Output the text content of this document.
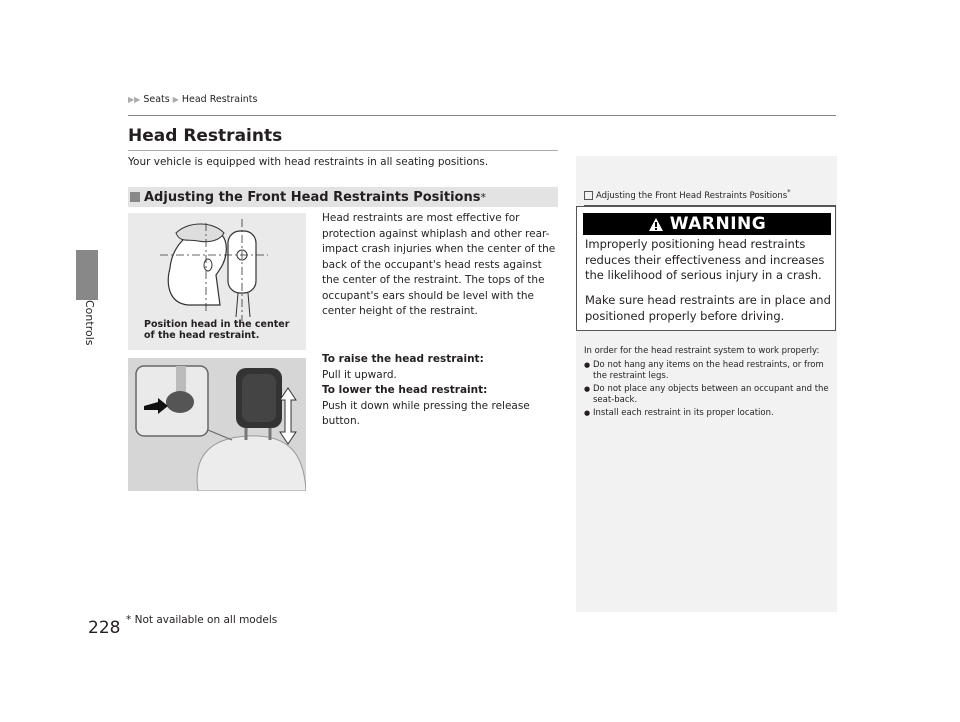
Controls
▶▶ Seats ▶ Head Restraints
Head Restraints
Your vehicle is equipped with head restraints in all seating positions.
Adjusting the Front Head Restraints Positions *
Position head in the center
of the head restraint.
Head restraints are most effective for protection against whiplash and other rear-impact crash injuries when the center of the back of the occupant's head rests against the center of the restraint. The tops of the occupant's ears should be level with the center height of the restraint.
To raise the head restraint:
Pull it upward.
To lower the head restraint:
Push it down while pressing the release button.
Adjusting the Front Head Restraints Positions*
WARNING
Improperly positioning head restraints reduces their effectiveness and increases the likelihood of serious injury in a crash.
Make sure head restraints are in place and positioned properly before driving.
In order for the head restraint system to work properly:
● Do not hang any items on the head restraints, or from the restraint legs.
● Do not place any objects between an occupant and the seat-back.
● Install each restraint in its proper location.
228 * Not available on all models
